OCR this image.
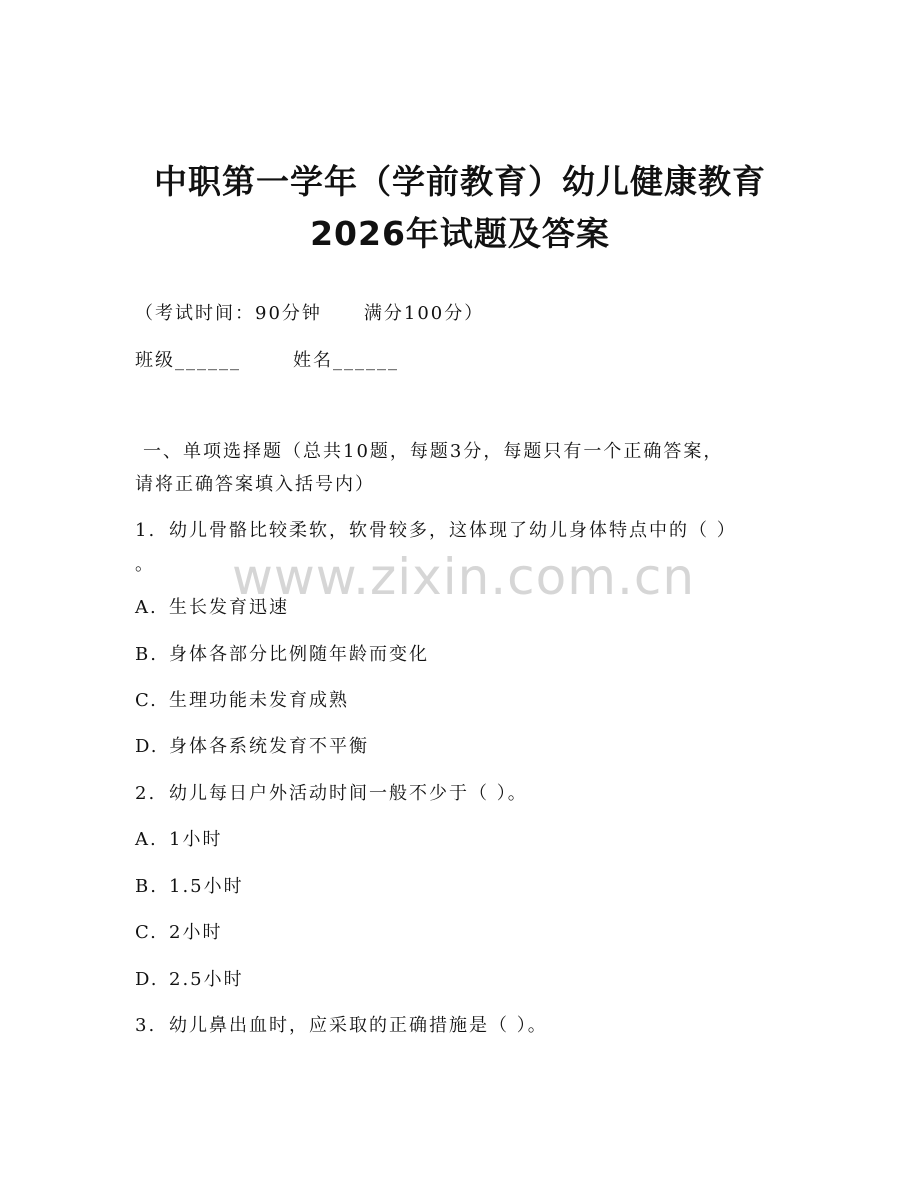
中职第一学年（学前教育）幼儿健康教育
2026年试题及答案
（考试时间：90分钟 满分100分）
班级______	姓名______
一、单项选择题（总共10题，每题3分，每题只有一个正确答案，
请将正确答案填入括号内）
1. 幼儿骨骼比较柔软，软骨较多，这体现了幼儿身体特点中的（ ）
。
A. 生长发育迅速
B. 身体各部分比例随年龄而变化
C. 生理功能未发育成熟
D. 身体各系统发育不平衡
2. 幼儿每日户外活动时间一般不少于（ ）。
A. 1小时
B. 1.5小时
C. 2小时
D. 2.5小时
3. 幼儿鼻出血时，应采取的正确措施是（ ）。
www.zixin.com.cn
